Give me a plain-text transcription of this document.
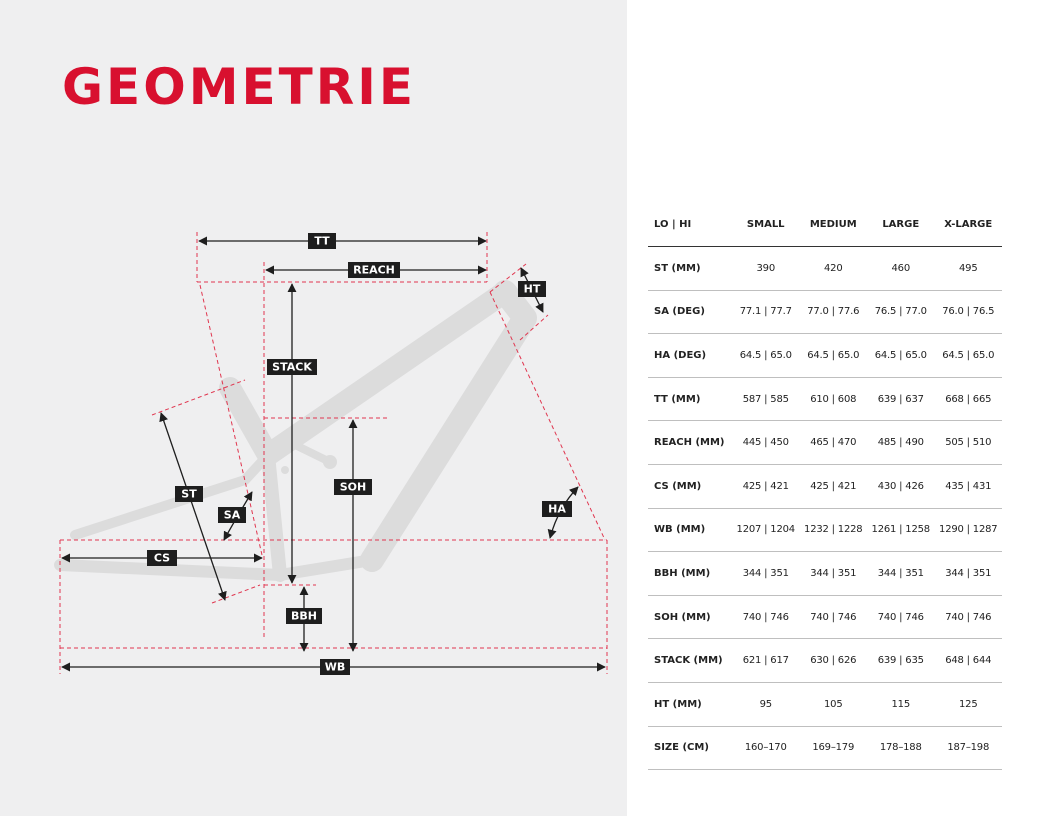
GEOMETRIE
TT
REACH
HT
STACK
SOH
ST
SA	HA
CS
BBH
WB
LO | HI	SMALL	MEDIUM	LARGE	X-LARGE
ST (MM)	390	420	460	495
SA (DEG)	77.1 | 77.7	77.0 | 77.6	76.5 | 77.0	76.0 | 76.5
HA (DEG)	64.5 | 65.0	64.5 | 65.0	64.5 | 65.0	64.5 | 65.0
TT (MM)	587 | 585	610 | 608	639 | 637	668 | 665
REACH (MM)	445 | 450	465 | 470	485 | 490	505 | 510
CS (MM)	425 | 421	425 | 421	430 | 426	435 | 431
WB (MM)	1207 | 1204	1232 | 1228	1261 | 1258	1290 | 1287
BBH (MM)	344 | 351	344 | 351	344 | 351	344 | 351
SOH (MM)	740 | 746	740 | 746	740 | 746	740 | 746
STACK (MM)	621 | 617	630 | 626	639 | 635	648 | 644
HT (MM)	95	105	115	125
SIZE (CM)	160–170	169–179	178–188	187–198
